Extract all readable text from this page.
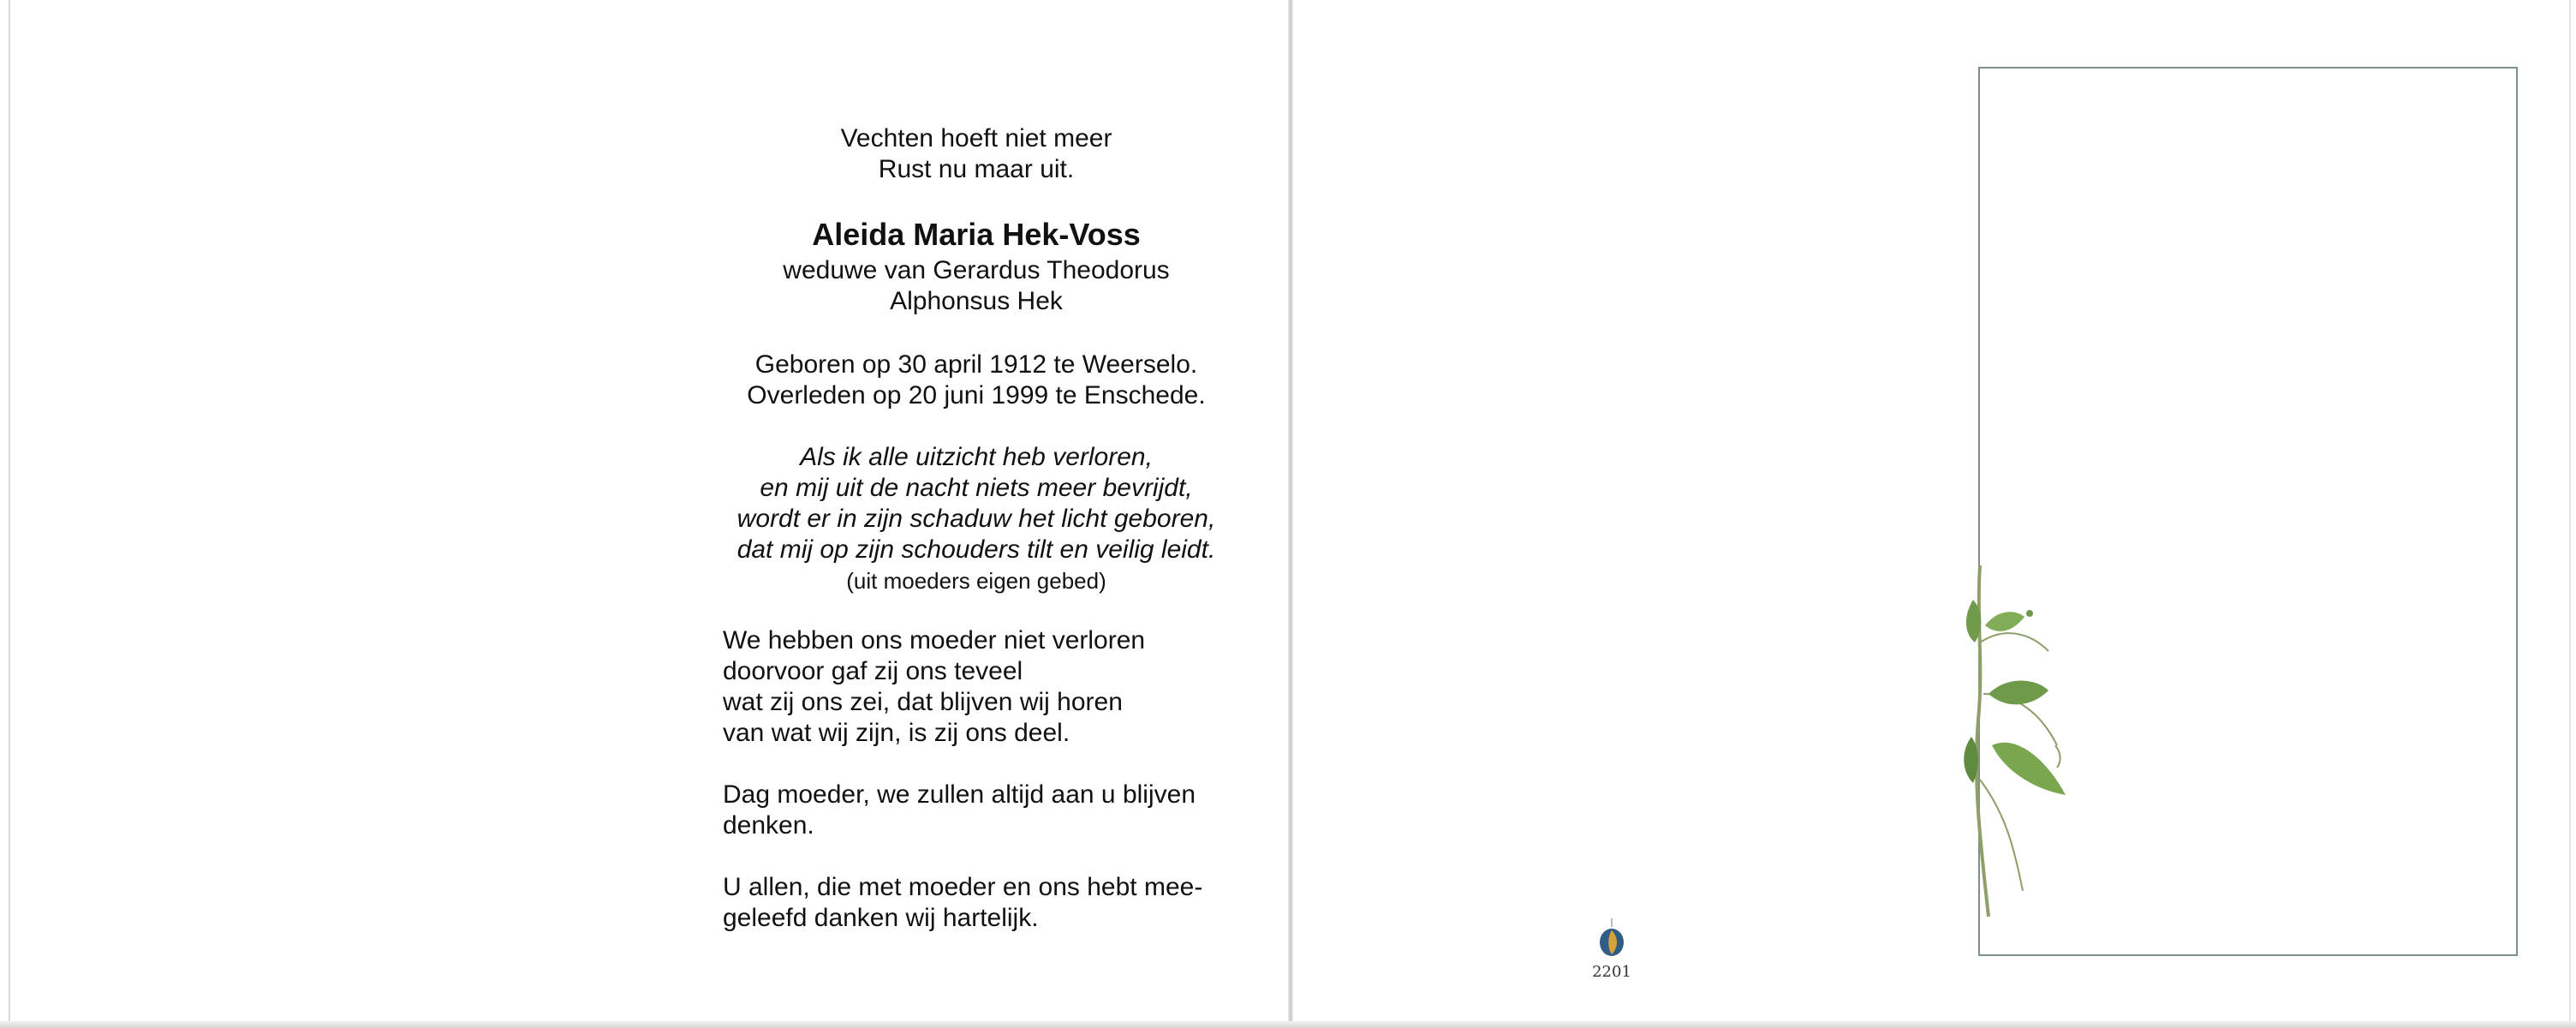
Vechten hoeft niet meer
Rust nu maar uit.
Aleida Maria Hek-Voss
weduwe van Gerardus Theodorus
Alphonsus Hek
Geboren op 30 april 1912 te Weerselo.
Overleden op 20 juni 1999 te Enschede.
Als ik alle uitzicht heb verloren,
en mij uit de nacht niets meer bevrijdt,
wordt er in zijn schaduw het licht geboren,
dat mij op zijn schouders tilt en veilig leidt.
(uit moeders eigen gebed)
We hebben ons moeder niet verloren
doorvoor gaf zij ons teveel
wat zij ons zei, dat blijven wij horen
van wat wij zijn, is zij ons deel.
Dag moeder, we zullen altijd aan u blijven
denken.
U allen, die met moeder en ons hebt mee-
geleefd danken wij hartelijk.
2201
